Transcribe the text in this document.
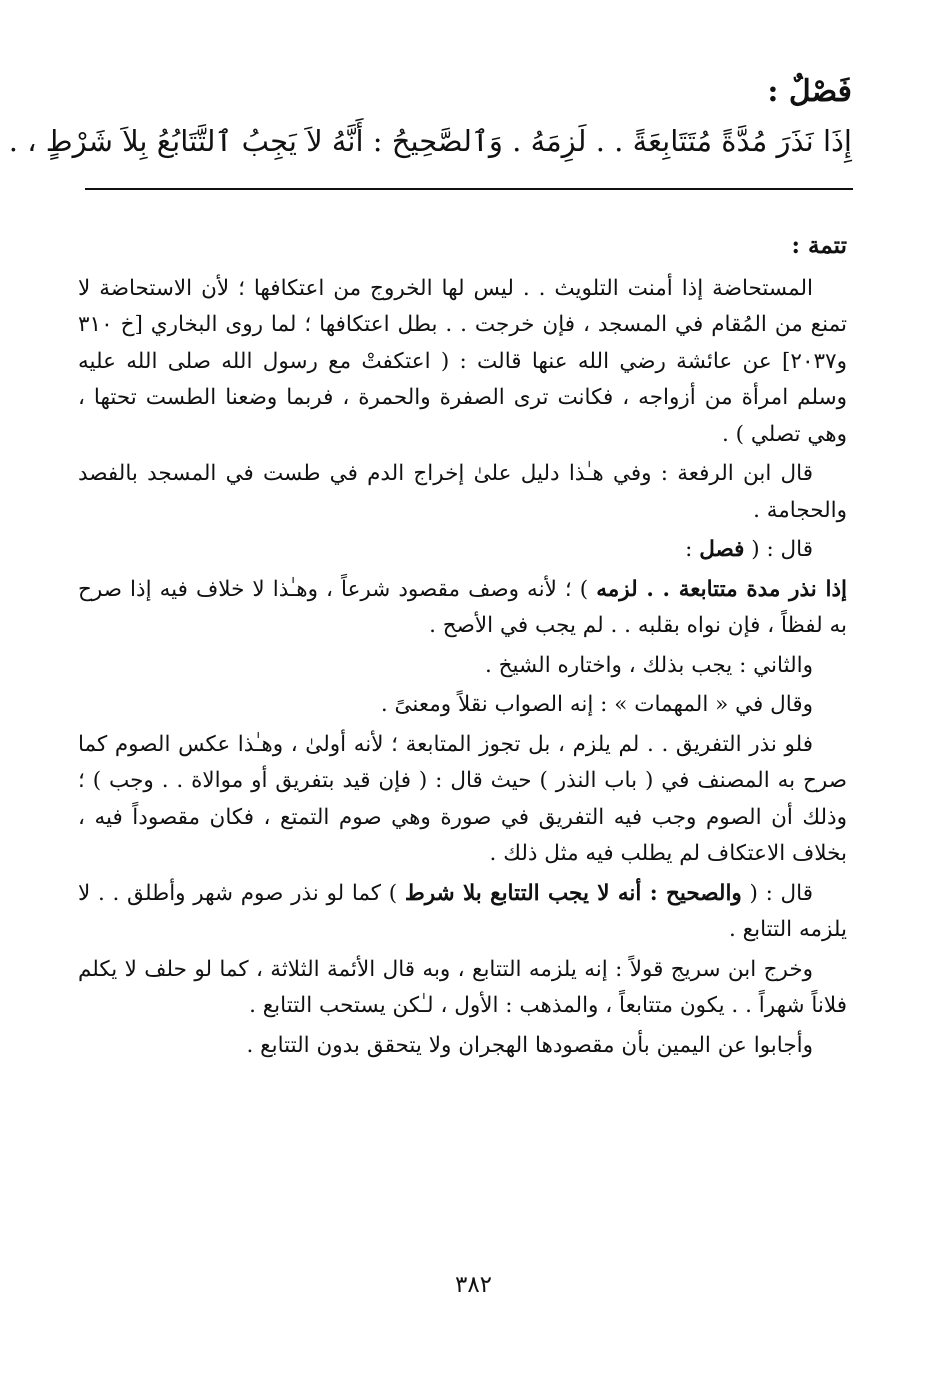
فَصْلٌ :
إِذَا نَذَرَ مُدَّةً مُتَتَابِعَةً . . لَزِمَهُ . وَٱلصَّحِيحُ : أَنَّهُ لاَ يَجِبُ ٱلتَّتَابُعُ بِلاَ شَرْطٍ ، .

تتمة :

المستحاضة إذا أمنت التلويث . . ليس لها الخروج من اعتكافها ؛ لأن الاستحاضة لا تمنع من المُقام في المسجد ، فإن خرجت . . بطل اعتكافها ؛ لما روى البخاري [خ ٣١٠ و٢٠٣٧] عن عائشة رضي الله عنها قالت : ( اعتكفتْ مع رسول الله صلى الله عليه وسلم امرأة من أزواجه ، فكانت ترى الصفرة والحمرة ، فربما وضعنا الطست تحتها ، وهي تصلي ) .

قال ابن الرفعة : وفي هـٰذا دليل علىٰ إخراج الدم في طست في المسجد بالفصد والحجامة .

قال : ( فصل :

إذا نذر مدة متتابعة . . لزمه ) ؛ لأنه وصف مقصود شرعاً ، وهـٰذا لا خلاف فيه إذا صرح به لفظاً ، فإن نواه بقلبه . . لم يجب في الأصح .

والثاني : يجب بذلك ، واختاره الشيخ .

وقال في « المهمات » : إنه الصواب نقلاً ومعنىً .

فلو نذر التفريق . . لم يلزم ، بل تجوز المتابعة ؛ لأنه أولىٰ ، وهـٰذا عكس الصوم كما صرح به المصنف في ( باب النذر ) حيث قال : ( فإن قيد بتفريق أو موالاة . . وجب ) ؛ وذلك أن الصوم وجب فيه التفريق في صورة وهي صوم التمتع ، فكان مقصوداً فيه ، بخلاف الاعتكاف لم يطلب فيه مثل ذلك .

قال : ( والصحيح : أنه لا يجب التتابع بلا شرط ) كما لو نذر صوم شهر وأطلق . . لا يلزمه التتابع .

وخرج ابن سريج قولاً : إنه يلزمه التتابع ، وبه قال الأئمة الثلاثة ، كما لو حلف لا يكلم فلاناً شهراً . . يكون متتابعاً ، والمذهب : الأول ، لـٰكن يستحب التتابع .

وأجابوا عن اليمين بأن مقصودها الهجران ولا يتحقق بدون التتابع .

٣٨٢
